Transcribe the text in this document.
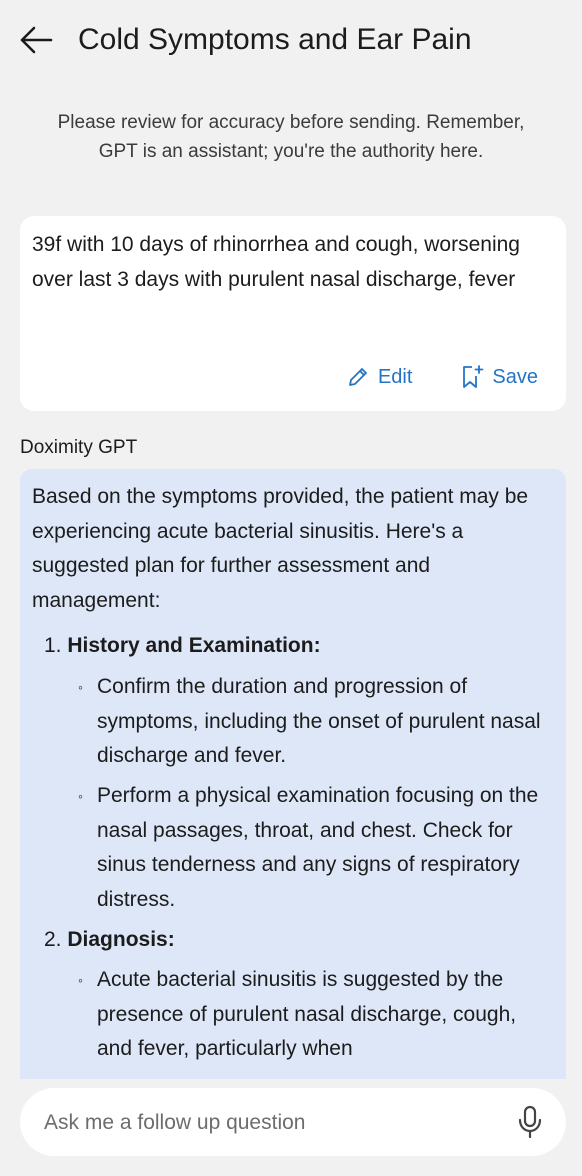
Cold Symptoms and Ear Pain
Please review for accuracy before sending. Remember,
GPT is an assistant; you're the authority here.
39f with 10 days of rhinorrhea and cough, worsening over last 3 days with purulent nasal discharge, fever
Edit	Save
Doximity GPT
Based on the symptoms provided, the patient may be experiencing acute bacterial sinusitis. Here's a suggested plan for further assessment and management:
1. History and Examination:
◦ Confirm the duration and progression of symptoms, including the onset of purulent nasal discharge and fever.
◦ Perform a physical examination focusing on the nasal passages, throat, and chest. Check for sinus tenderness and any signs of respiratory distress.
2. Diagnosis:
◦ Acute bacterial sinusitis is suggested by the presence of purulent nasal discharge, cough, and fever, particularly when
Ask me a follow up question
